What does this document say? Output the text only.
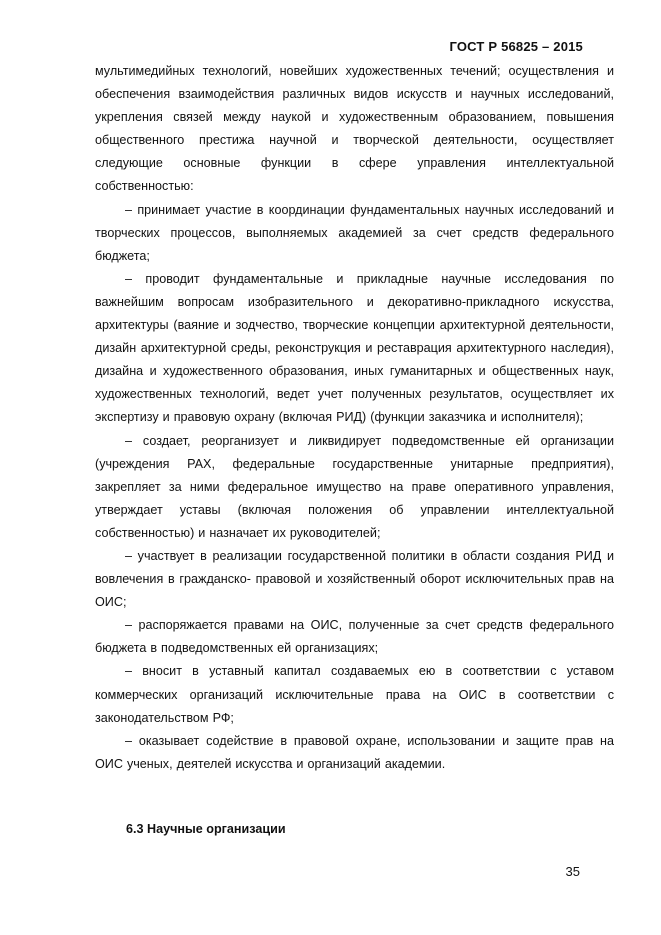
ГОСТ Р 56825 – 2015

мультимедийных технологий, новейших художественных течений; осуществления и обеспечения взаимодействия различных видов искусств и научных исследований, укрепления связей между наукой и художественным образованием, повышения общественного престижа научной и творческой деятельности, осуществляет следующие основные функции в сфере управления интеллектуальной собственностью:

– принимает участие в координации фундаментальных научных исследований и творческих процессов, выполняемых академией за счет средств федерального бюджета;

– проводит фундаментальные и прикладные научные исследования по важнейшим вопросам изобразительного и декоративно-прикладного искусства, архитектуры (ваяние и зодчество, творческие концепции архитектурной деятельности, дизайн архитектурной среды, реконструкция и реставрация архитектурного наследия), дизайна и художественного образования, иных гуманитарных и общественных наук, художественных технологий, ведет учет полученных результатов, осуществляет их экспертизу и правовую охрану (включая РИД) (функции заказчика и исполнителя);

– создает, реорганизует и ликвидирует подведомственные ей организации (учреждения РАХ, федеральные государственные унитарные предприятия), закрепляет за ними федеральное имущество на праве оперативного управления, утверждает уставы (включая положения об управлении интеллектуальной собственностью) и назначает их руководителей;

– участвует в реализации государственной политики в области создания РИД и вовлечения в гражданско- правовой и хозяйственный оборот исключительных прав на ОИС;

– распоряжается правами на ОИС, полученные за счет средств федерального бюджета в подведомственных ей организациях;

– вносит в уставный капитал создаваемых ею в соответствии с уставом коммерческих организаций исключительные права на ОИС в соответствии с законодательством РФ;

– оказывает содействие в правовой охране, использовании и защите прав на ОИС ученых, деятелей искусства и организаций академии.

6.3 Научные организации
35
